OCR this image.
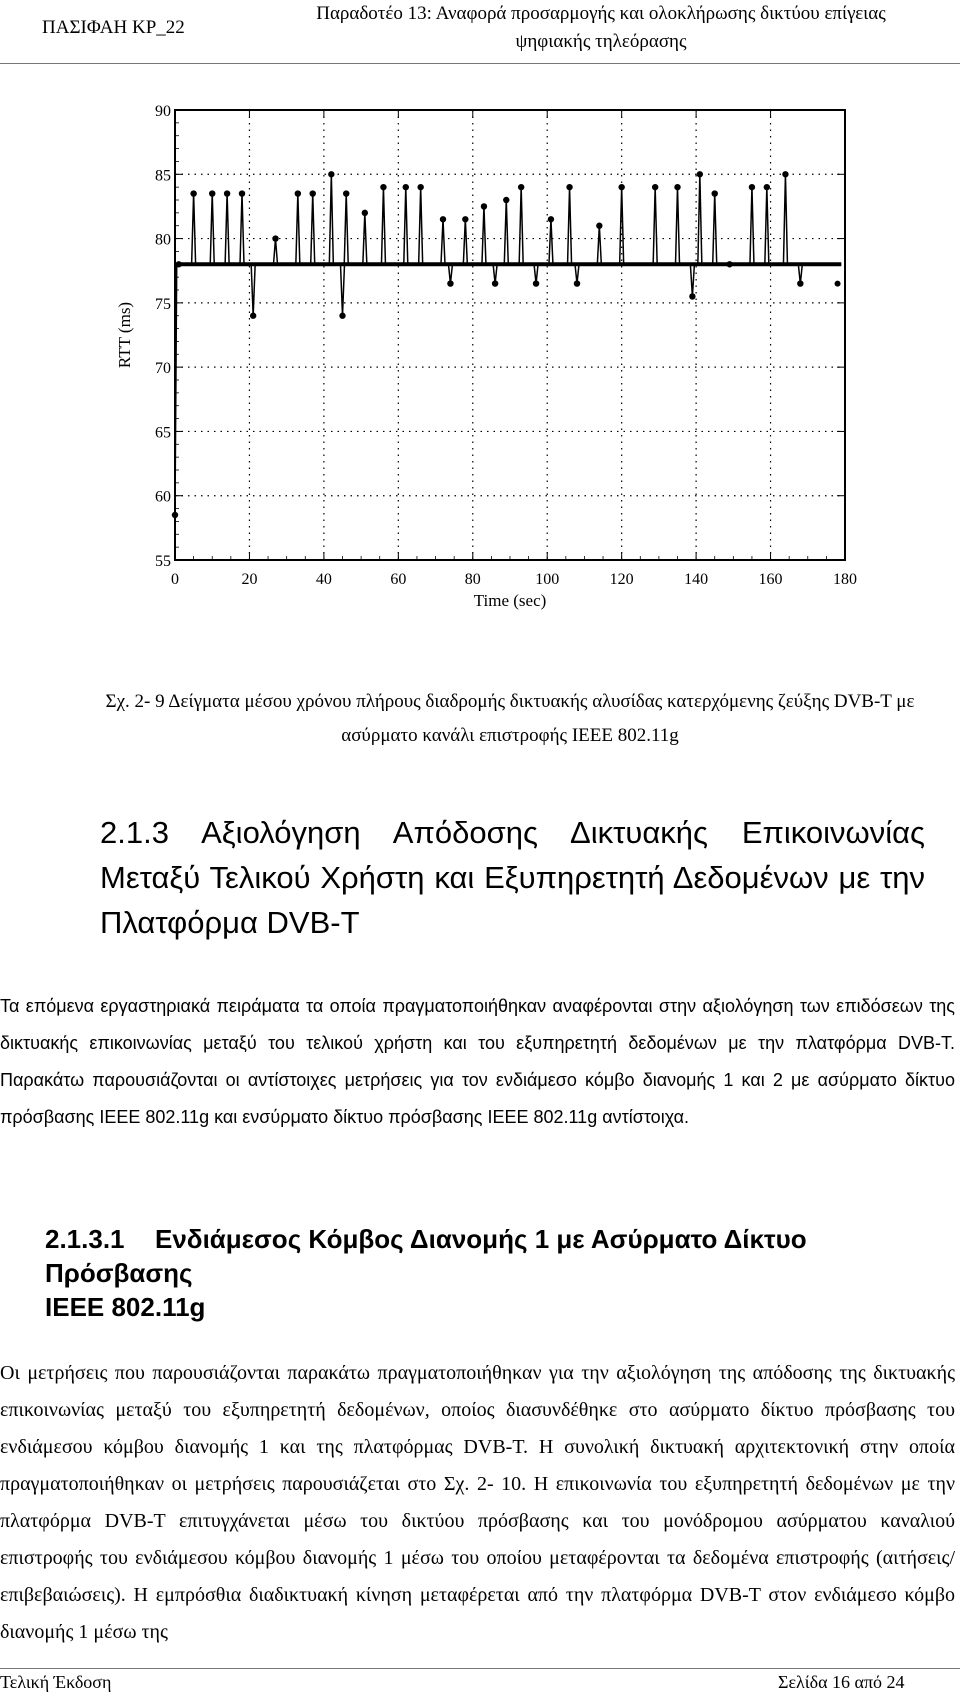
ΠΑΣΙΦΑΗ ΚΡ_22
Παραδοτέο 13: Αναφορά προσαρμογής και ολοκλήρωσης δικτύου επίγειας
ψηφιακής τηλεόρασης
0	20	40	60	80	100	120	140	160	180
55
60
65
70
75
80
85
90
Time (sec)
RTT (ms)
Σχ. 2- 9 Δείγματα μέσου χρόνου πλήρους διαδρομής δικτυακής αλυσίδας κατερχόμενης ζεύξης DVB-T με
ασύρματο κανάλι επιστροφής IEEE 802.11g
2.1.3 Αξιολόγηση Απόδοσης Δικτυακής Επικοινωνίας Μεταξύ Τελικού Χρήστη και Εξυπηρετητή Δεδομένων με την Πλατφόρμα DVB-T
Τα επόμενα εργαστηριακά πειράματα τα οποία πραγματοποιήθηκαν αναφέρονται στην αξιολόγηση των επιδόσεων της δικτυακής επικοινωνίας μεταξύ του τελικού χρήστη και του εξυπηρετητή δεδομένων με την πλατφόρμα DVB-T. Παρακάτω παρουσιάζονται οι αντίστοιχες μετρήσεις για τον ενδιάμεσο κόμβο διανομής 1 και 2 με ασύρματο δίκτυο πρόσβασης IEEE 802.11g και ενσύρματο δίκτυο πρόσβασης IEEE 802.11g αντίστοιχα.
2.1.3.1 Ενδιάμεσος Κόμβος Διανομής 1 με Ασύρματο Δίκτυο Πρόσβασης
IEEE 802.11g
Οι μετρήσεις που παρουσιάζονται παρακάτω πραγματοποιήθηκαν για την αξιολόγηση της απόδοσης της δικτυακής επικοινωνίας μεταξύ του εξυπηρετητή δεδομένων, οποίος διασυνδέθηκε στο ασύρματο δίκτυο πρόσβασης του ενδιάμεσου κόμβου διανομής 1 και της πλατφόρμας DVB-T. Η συνολική δικτυακή αρχιτεκτονική στην οποία πραγματοποιήθηκαν οι μετρήσεις παρουσιάζεται στο Σχ. 2- 10. Η επικοινωνία του εξυπηρετητή δεδομένων με την πλατφόρμα DVB-T επιτυγχάνεται μέσω του δικτύου πρόσβασης και του μονόδρομου ασύρματου καναλιού επιστροφής του ενδιάμεσου κόμβου διανομής 1 μέσω του οποίου μεταφέρονται τα δεδομένα επιστροφής (αιτήσεις/επιβεβαιώσεις). Η εμπρόσθια διαδικτυακή κίνηση μεταφέρεται από την πλατφόρμα DVB-T στον ενδιάμεσο κόμβο διανομής 1 μέσω της
Τελική Έκδοση	Σελίδα 16 από 24
